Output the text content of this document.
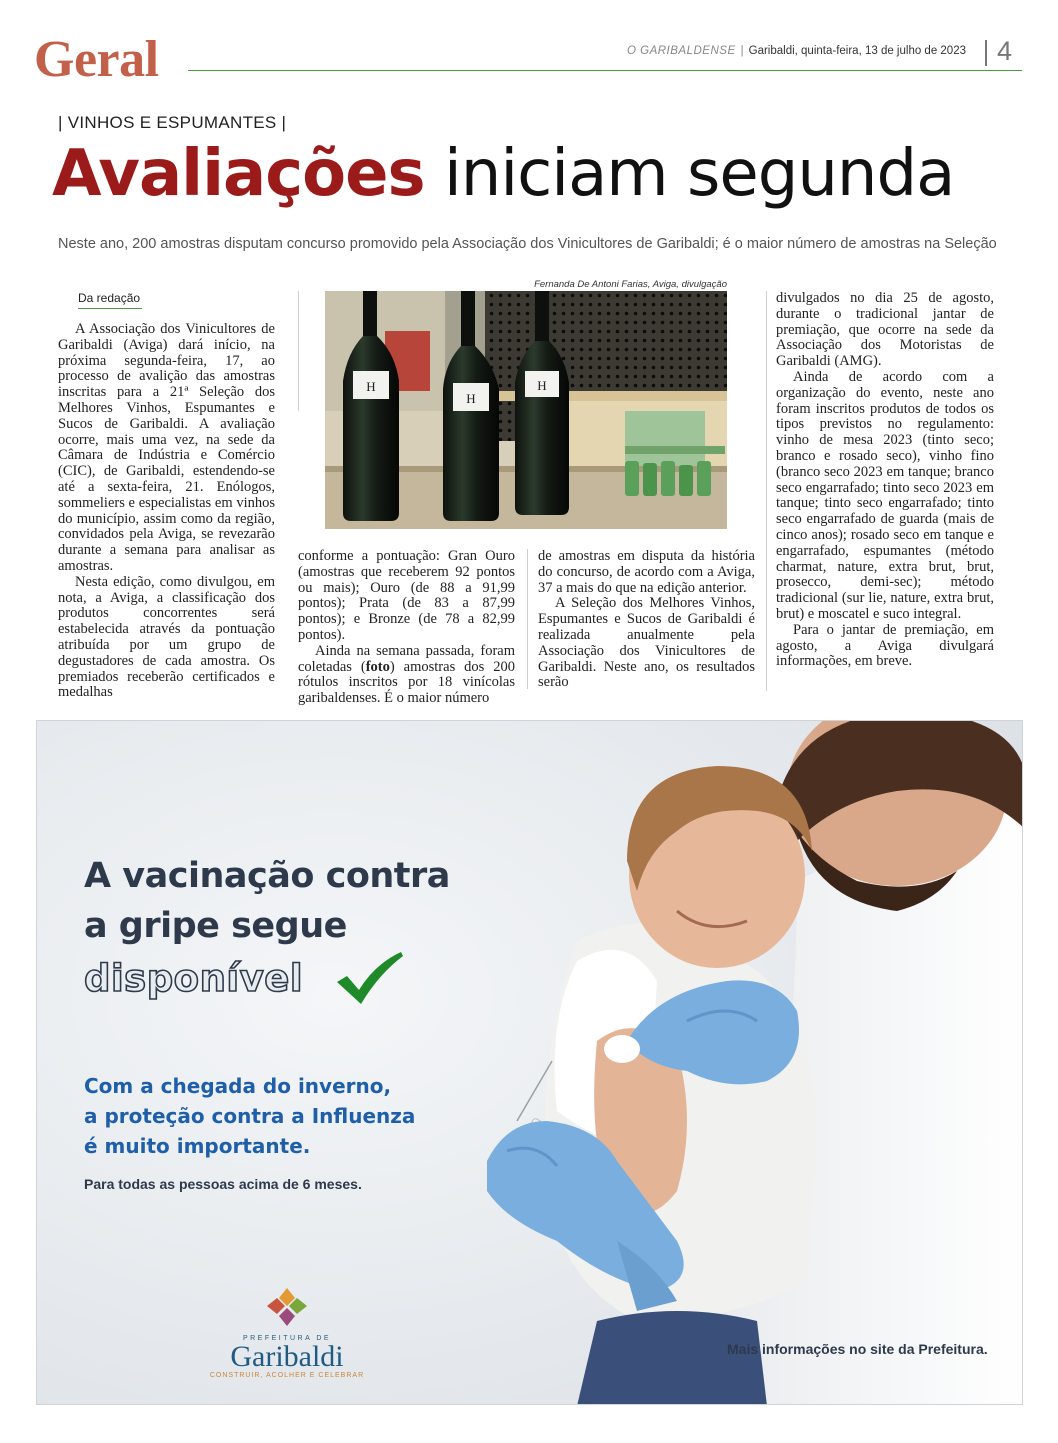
Geral	O GARIBALDENSE | Garibaldi, quinta-feira, 13 de julho de 2023 4
| VINHOS E ESPUMANTES |
Avaliações iniciam segunda
Neste ano, 200 amostras disputam concurso promovido pela Associação dos Vinicultores de Garibaldi; é o maior número de amostras na Seleção
Da redação

A Associação dos Vinicultores de Garibaldi (Aviga) dará início, na próxima segunda-feira, 17, ao processo de avalição das amostras inscritas para a 21ª Seleção dos Melhores Vinhos, Espumantes e Sucos de Garibaldi. A avaliação ocorre, mais uma vez, na sede da Câmara de Indústria e Comércio (CIC), de Garibaldi, estendendo-se até a sexta-feira, 21. Enólogos, sommeliers e especialistas em vinhos do município, assim como da região, convidados pela Aviga, se revezarão durante a semana para analisar as amostras.

Nesta edição, como divulgou, em nota, a Aviga, a classificação dos produtos concorrentes será estabelecida através da pontuação atribuída por um grupo de degustadores de cada amostra. Os premiados receberão certificados e medalhas

Fernanda De Antoni Farias, Aviga, divulgação
H
H
H

conforme a pontuação: Gran Ouro (amostras que receberem 92 pontos ou mais); Ouro (de 88 a 91,99 pontos); Prata (de 83 a 87,99 pontos); e Bronze (de 78 a 82,99 pontos).

Ainda na semana passada, foram coletadas (foto) amostras dos 200 rótulos inscritos por 18 vinícolas garibaldenses. É o maior número

de amostras em disputa da história do concurso, de acordo com a Aviga, 37 a mais do que na edição anterior.

A Seleção dos Melhores Vinhos, Espumantes e Sucos de Garibaldi é realizada anualmente pela Associação dos Vinicultores de Garibaldi. Neste ano, os resultados serão

divulgados no dia 25 de agosto, durante o tradicional jantar de premiação, que ocorre na sede da Associação dos Motoristas de Garibaldi (AMG).

Ainda de acordo com a organização do evento, neste ano foram inscritos produtos de todos os tipos previstos no regulamento: vinho de mesa 2023 (tinto seco; branco e rosado seco), vinho fino (branco seco 2023 em tanque; branco seco engarrafado; tinto seco 2023 em tanque; tinto seco engarrafado; tinto seco engarrafado de guarda (mais de cinco anos); rosado seco em tanque e engarrafado, espumantes (método charmat, nature, extra brut, brut, prosecco, demi-sec); método tradicional (sur lie, nature, extra brut, brut) e moscatel e suco integral.

Para o jantar de premiação, em agosto, a Aviga divulgará informações, em breve.

A vacinação contra
a gripe segue
disponível
Com a chegada do inverno,
a proteção contra a Influenza
é muito importante.
Para todas as pessoas acima de 6 meses.
PREFEITURA DE
Garibaldi
CONSTRUIR, ACOLHER E CELEBRAR
Mais informações no site da Prefeitura.
